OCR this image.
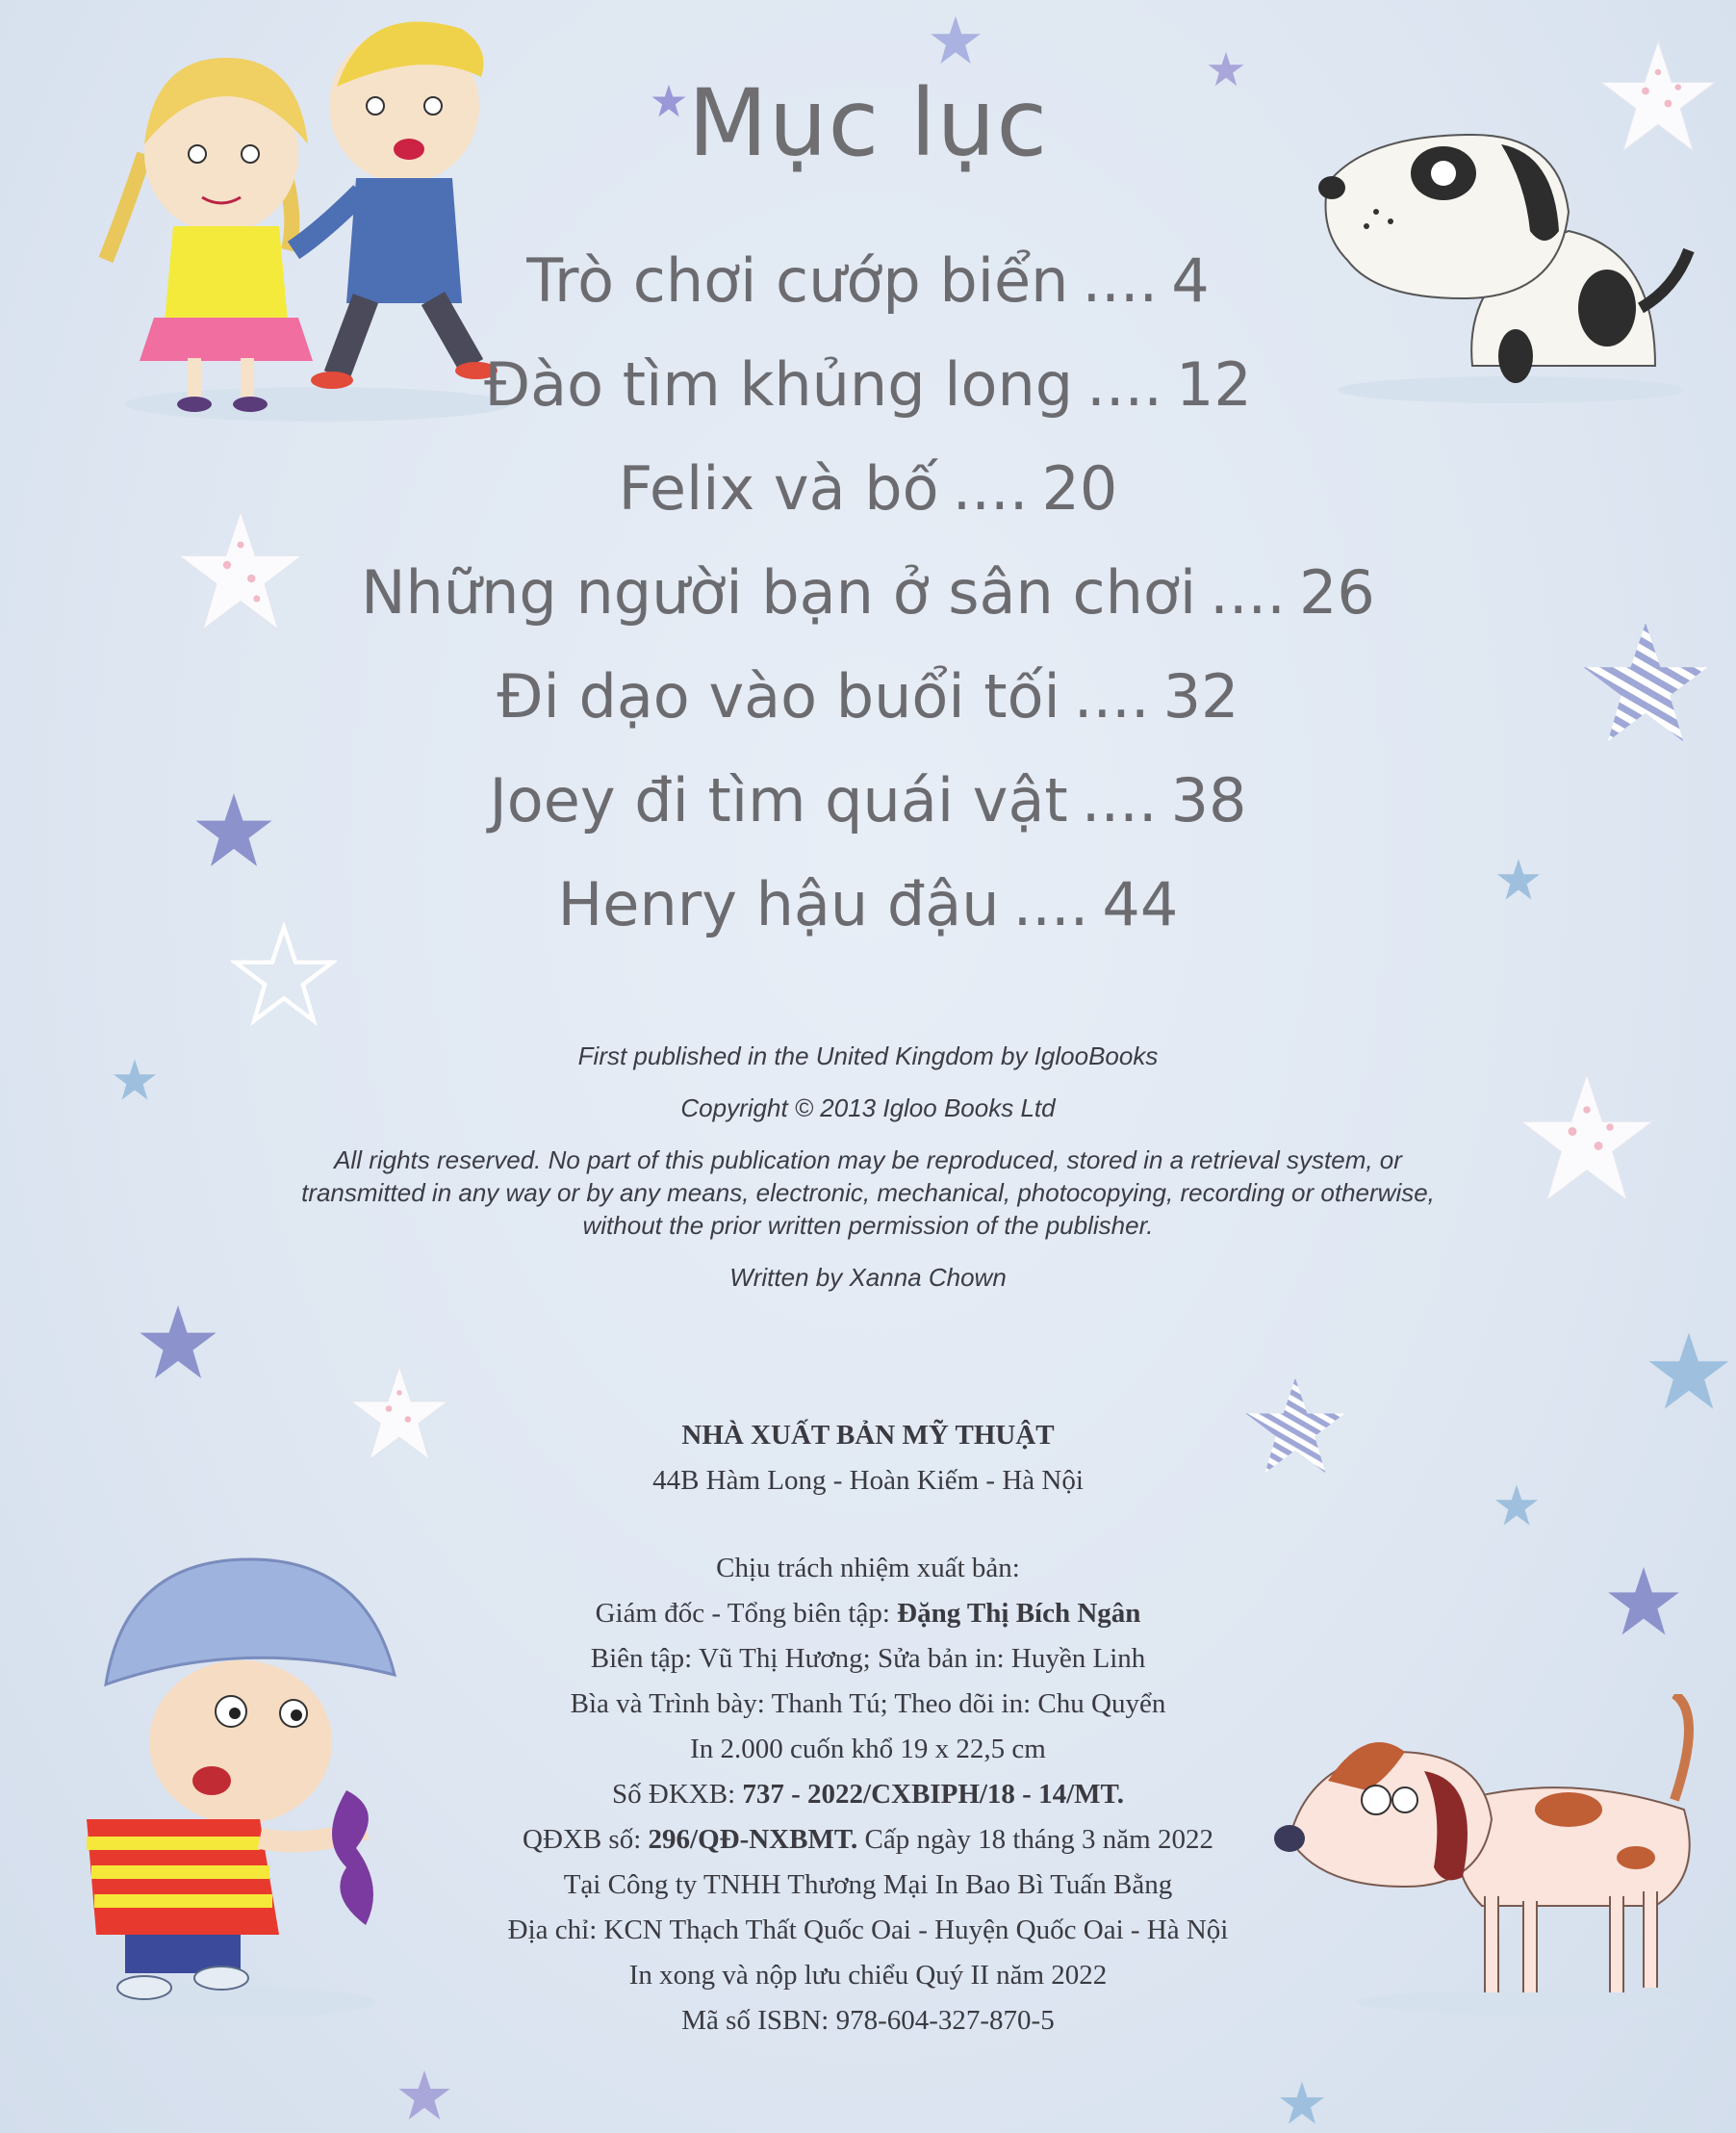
Mục lục
Trò chơi cướp biển .... 4
Đào tìm khủng long .... 12
Felix và bố .... 20
Những người bạn ở sân chơi .... 26
Đi dạo vào buổi tối .... 32
Joey đi tìm quái vật .... 38
Henry hậu đậu .... 44

First published in the United Kingdom by IglooBooks

Copyright © 2013 Igloo Books Ltd

All rights reserved. No part of this publication may be reproduced, stored in a retrieval system, or transmitted in any way or by any means, electronic, mechanical, photocopying, recording or otherwise, without the prior written permission of the publisher.

Written by Xanna Chown

NHÀ XUẤT BẢN MỸ THUẬT
44B Hàm Long - Hoàn Kiếm - Hà Nội
Chịu trách nhiệm xuất bản:
Giám đốc - Tổng biên tập: Đặng Thị Bích Ngân
Biên tập: Vũ Thị Hương; Sửa bản in: Huyền Linh
Bìa và Trình bày: Thanh Tú; Theo dõi in: Chu Quyển
In 2.000 cuốn khổ 19 x 22,5 cm
Số ĐKXB: 737 - 2022/CXBIPH/18 - 14/MT.
QĐXB số: 296/QĐ-NXBMT. Cấp ngày 18 tháng 3 năm 2022
Tại Công ty TNHH Thương Mại In Bao Bì Tuấn Bằng
Địa chỉ: KCN Thạch Thất Quốc Oai - Huyện Quốc Oai - Hà Nội
In xong và nộp lưu chiểu Quý II năm 2022
Mã số ISBN: 978-604-327-870-5
